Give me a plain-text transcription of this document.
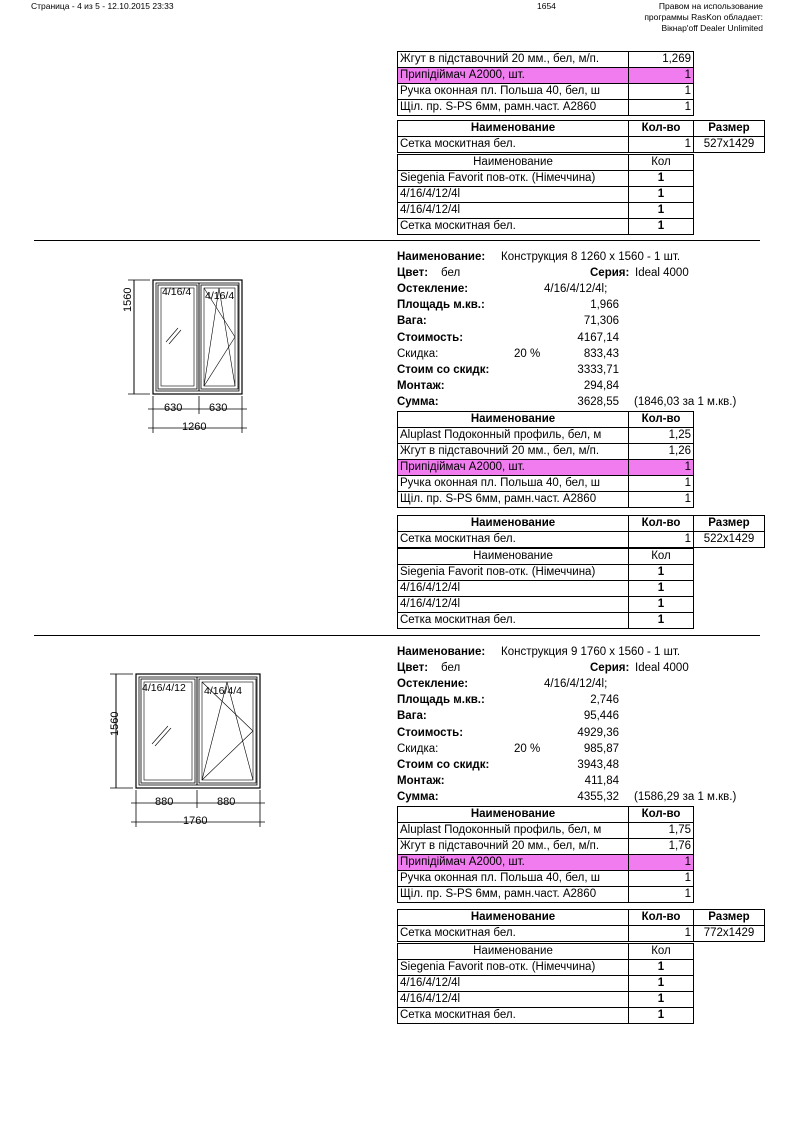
Страница - 4 из 5 - 12.10.2015 23:33	1654	Правом на использование
программы RasKon обладает:
Вікнар'off Dealer Unlimited
Жгут в підставочний 20 мм., бел, м/п.	1,269
Припідіймач A2000, шт.	1
Ручка оконная пл. Польша 40, бел, ш	1
Щіл. пр. S-PS 6мм, рамн.част. A2860	1
Наименование	Кол-во	Размер
Сетка москитная бел.	1	527x1429
Наименование	Кол
Siegenia Favorit пов-отк. (Німеччина)	1
4/16/4/12/4l	1
4/16/4/12/4l	1
Сетка москитная бел.	1
1560	4/16/4 4/16/4
630 630
1260
Наименование: Конструкция 8 1260 x 1560 - 1 шт.
Цвет: бел	Серия: Ideal 4000
Остекление:	4/16/4/12/4l;
Площадь м.кв.:	1,966
Вага:	71,306
Стоимость:	4167,14
Скидка:	20 %	833,43
Стоим со скидк:	3333,71
Монтаж:	294,84
Сумма:	3628,55 (1846,03 за 1 м.кв.)
Наименование	Кол-во
Aluplast Подоконный профиль, бел, м	1,25
Жгут в підставочний 20 мм., бел, м/п.	1,26
Припідіймач A2000, шт.	1
Ручка оконная пл. Польша 40, бел, ш	1
Щіл. пр. S-PS 6мм, рамн.част. A2860	1
Наименование	Кол-во	Размер
Сетка москитная бел.	1	522x1429
Наименование	Кол
Siegenia Favorit пов-отк. (Німеччина)	1
4/16/4/12/4l	1
4/16/4/12/4l	1
Сетка москитная бел.	1
1560
4/16/4/12 4/16/4/4
880	880
1760
Наименование: Конструкция 9 1760 x 1560 - 1 шт.
Цвет: бел	Серия: Ideal 4000
Остекление:	4/16/4/12/4l;
Площадь м.кв.:	2,746
Вага:	95,446
Стоимость:	4929,36
Скидка:	20 %	985,87
Стоим со скидк:	3943,48
Монтаж:	411,84
Сумма:	4355,32 (1586,29 за 1 м.кв.)
Наименование	Кол-во
Aluplast Подоконный профиль, бел, м	1,75
Жгут в підставочний 20 мм., бел, м/п.	1,76
Припідіймач A2000, шт.	1
Ручка оконная пл. Польша 40, бел, ш	1
Щіл. пр. S-PS 6мм, рамн.част. A2860	1
Наименование	Кол-во	Размер
Сетка москитная бел.	1	772x1429
Наименование	Кол
Siegenia Favorit пов-отк. (Німеччина)	1
4/16/4/12/4l	1
4/16/4/12/4l	1
Сетка москитная бел.	1
